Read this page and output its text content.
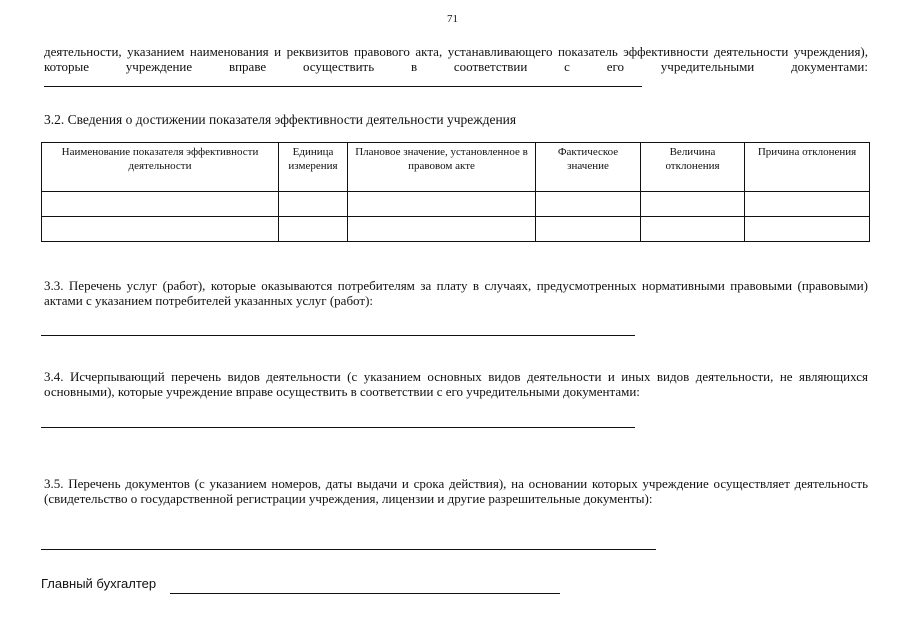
71

деятельности, указанием наименования и реквизитов правового акта, устанавливающего показатель эффективности деятельности учреждения), которые учреждение вправе осуществить в соответствии с его учредительными документами:

3.2. Сведения о достижении показателя эффективности деятельности учреждения
Наименование показателя эффективности деятельности	Единица измерения	Плановое значение, установленное в правовом акте	Фактическое значение	Величина отклонения	Причина отклонения

3.3. Перечень услуг (работ), которые оказываются потребителям за плату в случаях, предусмотренных нормативными правовыми (правовыми) актами с указанием потребителей указанных услуг (работ):

3.4. Исчерпывающий перечень видов деятельности (с указанием основных видов деятельности и иных видов деятельности, не являющихся основными), которые учреждение вправе осуществить в соответствии с его учредительными документами:

3.5. Перечень документов (с указанием номеров, даты выдачи и срока действия), на основании которых учреждение осуществляет деятельность (свидетельство о государственной регистрации учреждения, лицензии и другие разрешительные документы):

Главный бухгалтер
